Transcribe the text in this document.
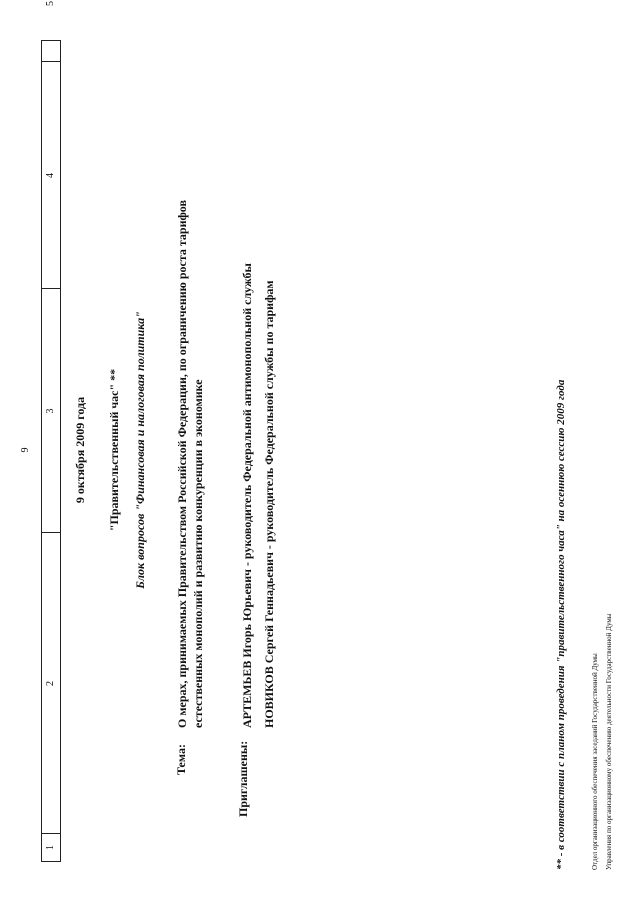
9
1
2
3
4
5
9 октября 2009 года "Правительственный час" ** Блок вопросов "Финансовая и налоговая политика"
Тема:
О мерах, принимаемых Правительством Российской Федерации, по ограничению роста тарифов естественных монополий и развитию конкуренции в экономике
Приглашены:
АРТЕМЬЕВ Игорь Юрьевич - руководитель Федеральной антимонопольной службы НОВИКОВ Сергей Геннадьевич - руководитель Федеральной службы по тарифам	** - в соответствии с планом проведения "правительственного часа" на осеннюю сессию 2009 года	Отдел организационного обеспечения заседаний Государственной Думы Управления по организационному обеспечению деятельности Государственной Думы
